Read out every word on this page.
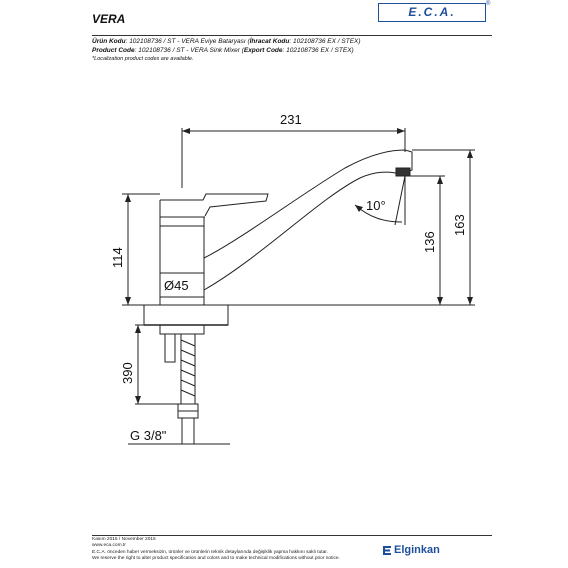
VERA	E.C.A.
®
Ürün Kodu: 102108736 / ST - VERA Eviye Bataryası (İhracat Kodu: 102108736 EX / STEX)
Product Code: 102108736 / ST - VERA Sink Mixer (Export Code: 102108736 EX / STEX)
*Localization product codes are available.
231
114
Ø45
10°
136
163
390
G 3/8"
Kasım 2015 / November 2015
www.eca.com.tr
E.C.A. önceden haber vermeksizin, ürünler ve ürünlerin teknik detaylarında değişiklik yapma hakkını saklı tutar.
We reserve the right to alter product specification and colors and to make technical modifications without prior notice.
Elginkan
